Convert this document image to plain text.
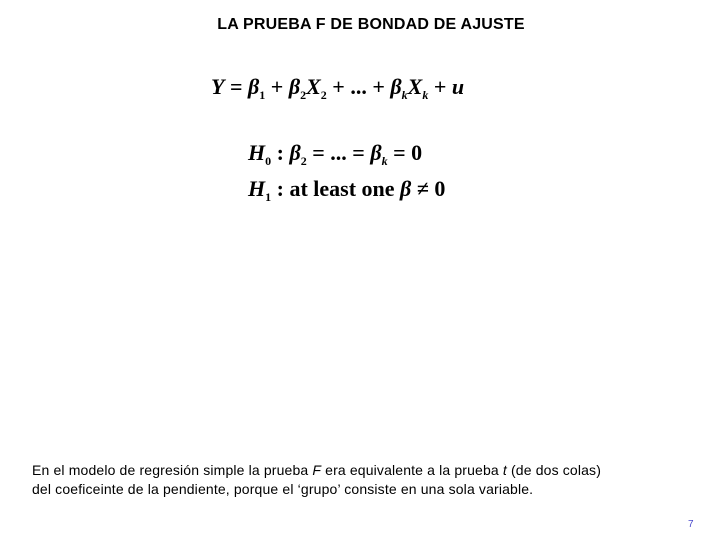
LA PRUEBA F DE BONDAD DE AJUSTE
$Y = \beta_1 + \beta_2X_2$ + ... + $\beta_kX_k + u$
$H_0$ : $\beta_2$ = ... = $\beta_k = 0$
$H_1$ : at least one β ≠ 0
En el modelo de regresión simple la prueba F era equivalente a la prueba t (de dos colas)
del coeficeinte de la pendiente, porque el ‘grupo’ consiste en una sola variable.
7
